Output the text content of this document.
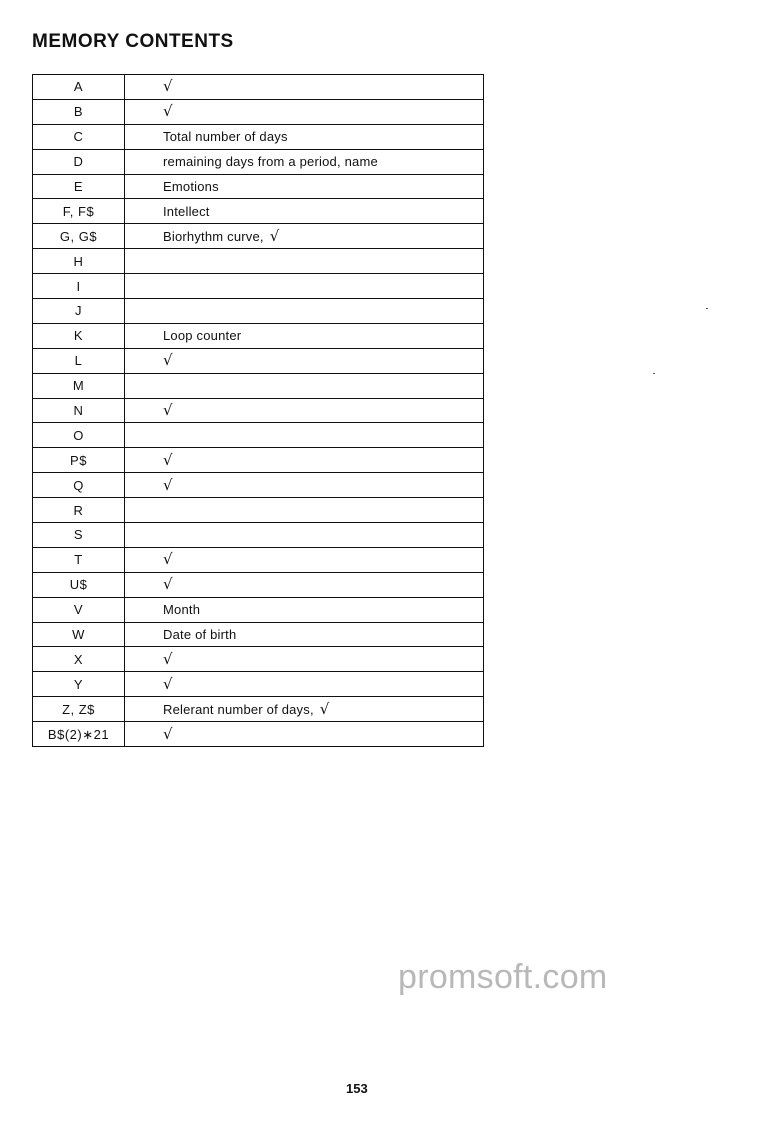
MEMORY CONTENTS
A	√
B	√
C	Total number of days
D	remaining days from a period, name
E	Emotions
F, F$	Intellect
G, G$	Biorhythm curve, √
H	
I	
J	
K	Loop counter
L	√
M	
N	√
O	
P$	√
Q	√
R	
S	
T	√
U$	√
V	Month
W	Date of birth
X	√
Y	√
Z, Z$	Relerant number of days, √
B$(2)∗21	√
promsoft.com
153
